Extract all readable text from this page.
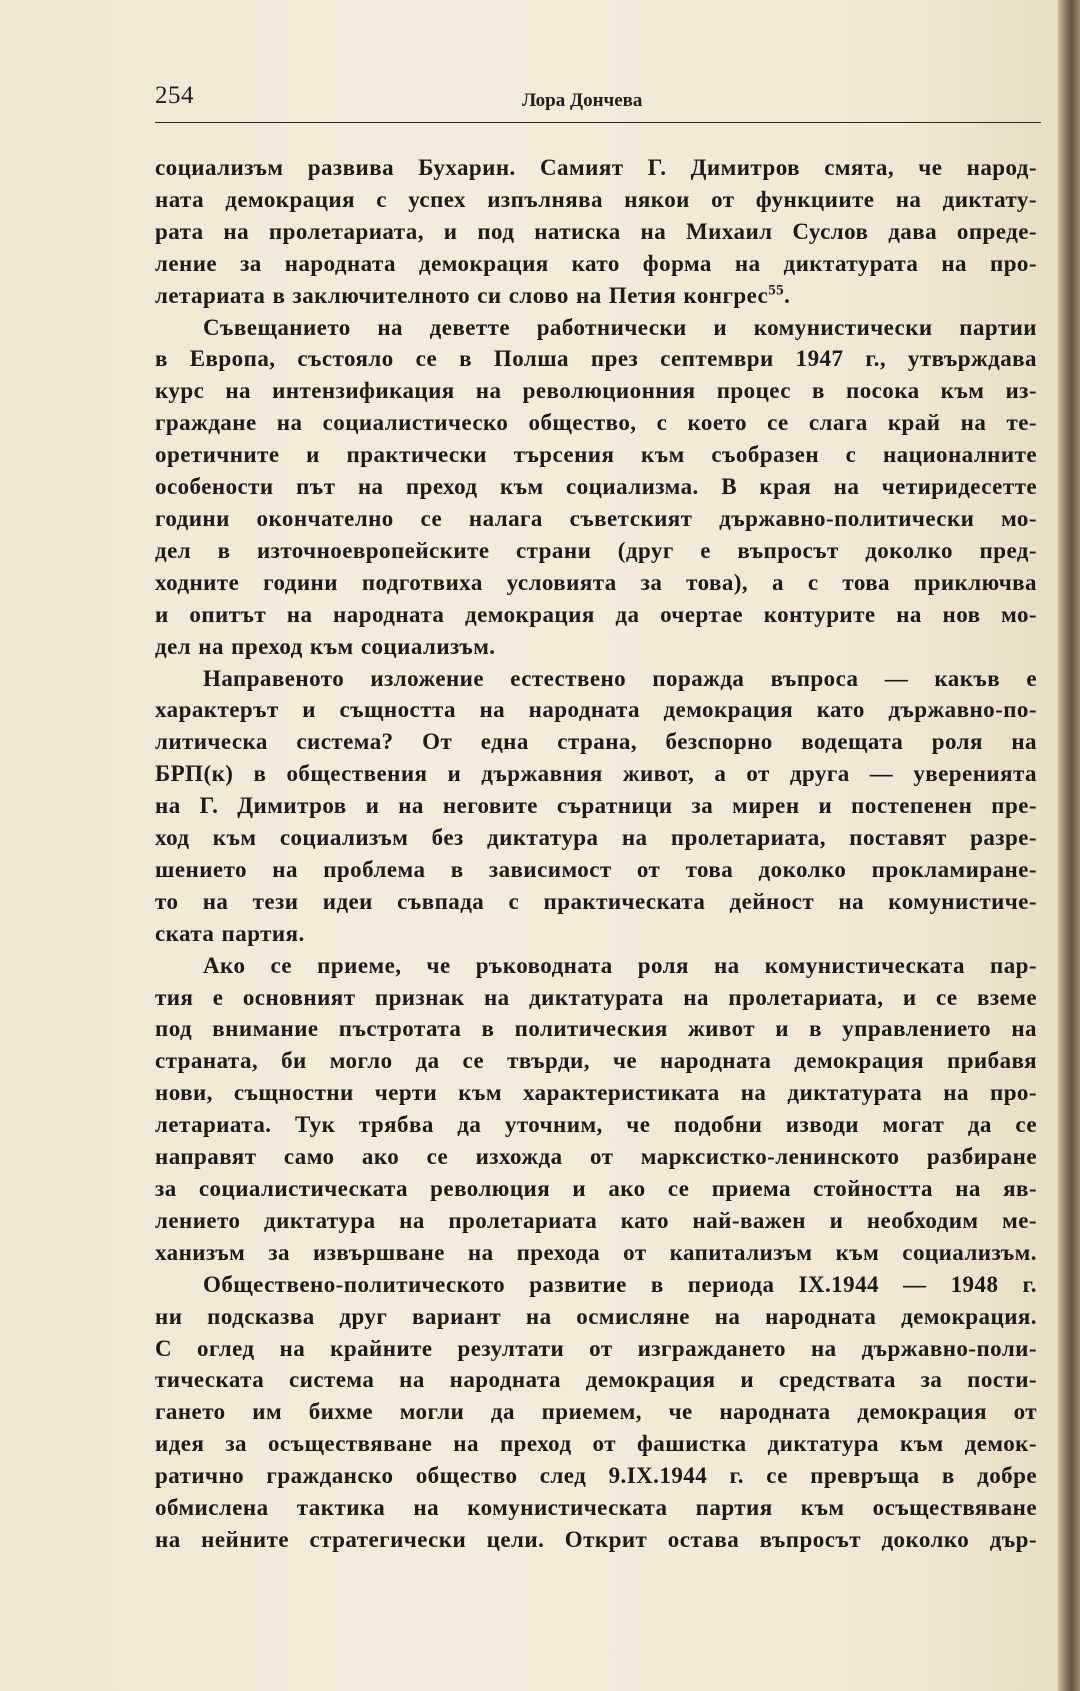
254	Лора Дончева

социализъм развива Бухарин. Самият Г. Димитров смята, че народ-
ната демокрация с успех изпълнява някои от функциите на диктату-
рата на пролетариата, и под натиска на Михаил Суслов дава опреде-
ление за народната демокрация като форма на диктатурата на про-
летариата в заключителното си слово на Петия конгрес$^{55}$.

Съвещанието на деветте работнически и комунистически партии
в Европа, състояло се в Полша през септември 1947 г., утвърждава
курс на интензификация на революционния процес в посока към из-
граждане на социалистическо общество, с което се слага край на те-
оретичните и практически търсения към съобразен с националните
особености път на преход към социализма. В края на четиридесетте
години окончателно се налага съветският държавно-политически мо-
дел в източноевропейските страни (друг е въпросът доколко пред-
ходните години подготвиха условията за това), а с това приключва
и опитът на народната демокрация да очертае контурите на нов мо-
дел на преход към социализъм.

Направеното изложение естествено поражда въпроса — какъв е
характерът и същността на народната демокрация като държавно-по-
литическа система? От една страна, безспорно водещата роля на
БРП(к) в обществения и държавния живот, а от друга — уверенията
на Г. Димитров и на неговите съратници за мирен и постепенен пре-
ход към социализъм без диктатура на пролетариата, поставят разре-
шението на проблема в зависимост от това доколко прокламиране-
то на тези идеи съвпада с практическата дейност на комунистиче-
ската партия.

Ако се приеме, че ръководната роля на комунистическата пар-
тия е основният признак на диктатурата на пролетариата, и се вземе
под внимание пъстротата в политическия живот и в управлението на
страната, би могло да се твърди, че народната демокрация прибавя
нови, същностни черти към характеристиката на диктатурата на про-
летариата. Тук трябва да уточним, че подобни изводи могат да се
направят само ако се изхожда от марксистко-ленинското разбиране
за социалистическата революция и ако се приема стойността на яв-
лението диктатура на пролетариата като най-важен и необходим ме-
ханизъм за извършване на прехода от капитализъм към социализъм.

Обществено-политическото развитие в периода IX.1944 — 1948 г.
ни подсказва друг вариант на осмисляне на народната демокрация.
С оглед на крайните резултати от изграждането на държавно-поли-
тическата система на народната демокрация и средствата за пости-
гането им бихме могли да приемем, че народната демокрация от
идея за осъществяване на преход от фашистка диктатура към демок-
ратично гражданско общество след 9.IX.1944 г. се превръща в добре
обмислена тактика на комунистическата партия към осъществяване
на нейните стратегически цели. Открит остава въпросът доколко дър-
